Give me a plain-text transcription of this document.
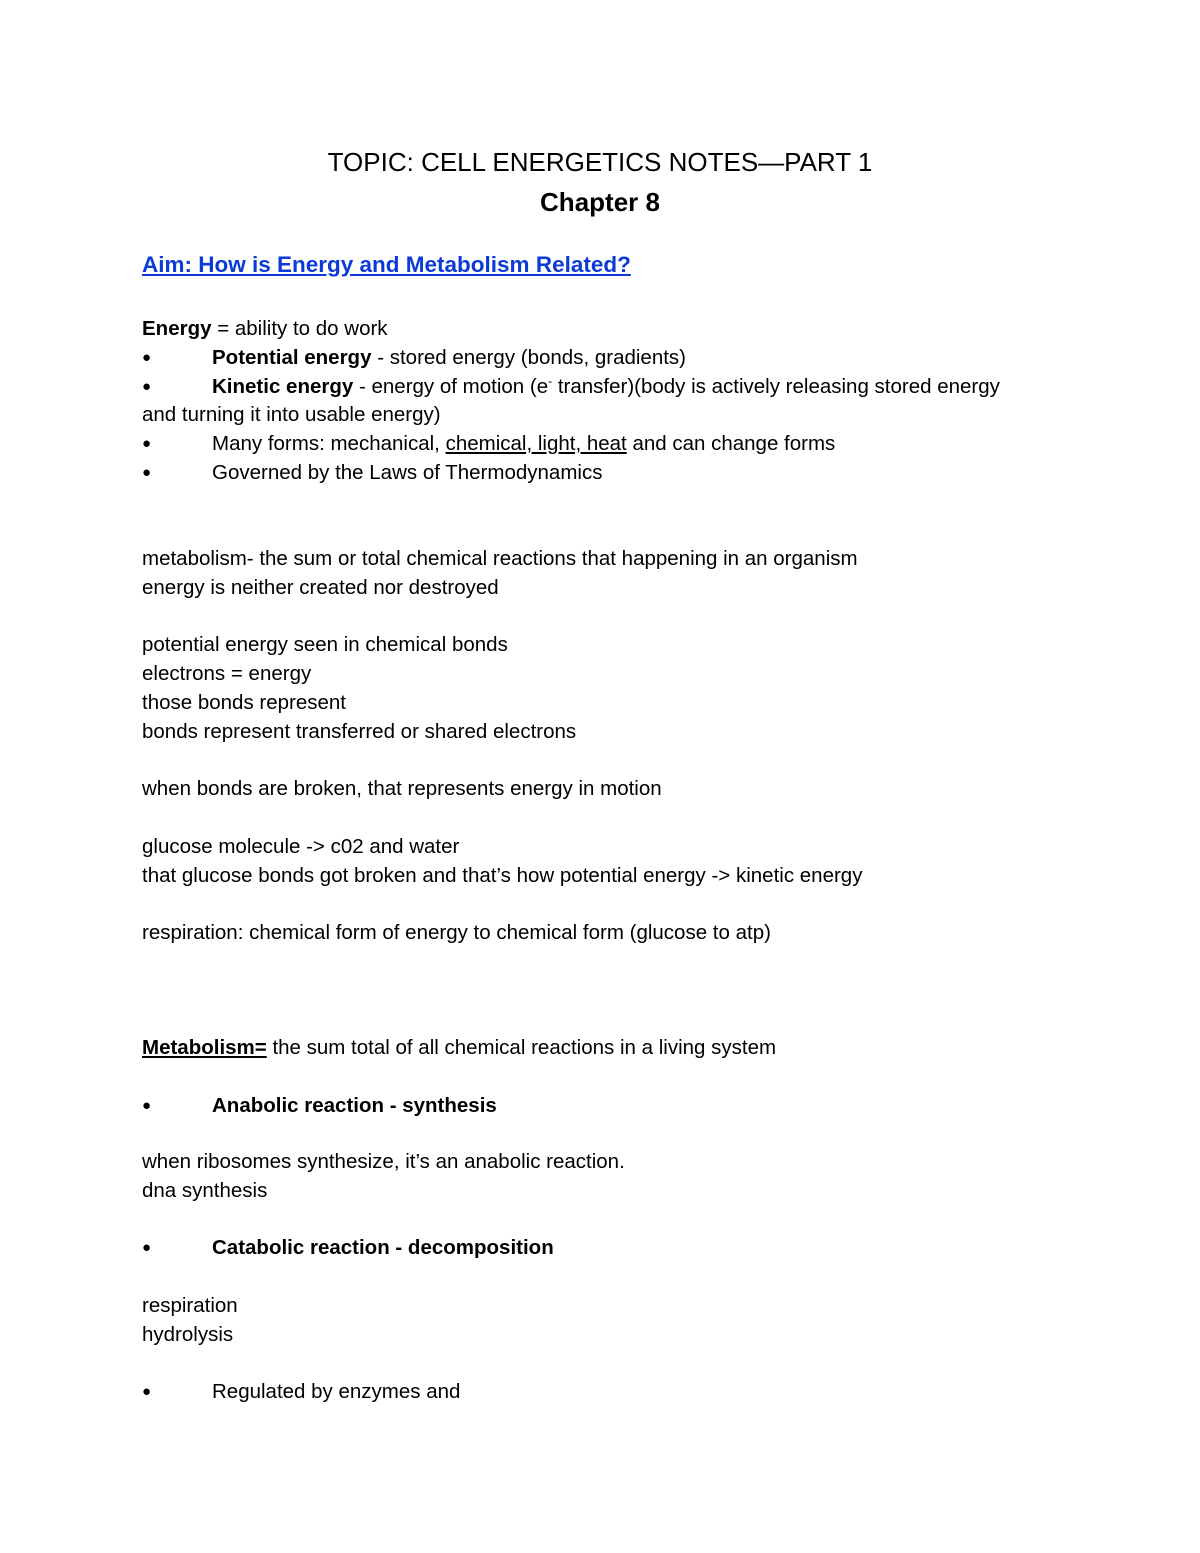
TOPIC: CELL ENERGETICS NOTES—PART 1
Chapter 8
Aim: How is Energy and Metabolism Related?
Energy = ability to do work
●	Potential energy - stored energy (bonds, gradients)
●	Kinetic energy - energy of motion (e- transfer)(body is actively releasing stored energy
and turning it into usable energy)
●	Many forms: mechanical, chemical, light, heat and can change forms
●	Governed by the Laws of Thermodynamics
metabolism- the sum or total chemical reactions that happening in an organism
energy is neither created nor destroyed
potential energy seen in chemical bonds
electrons = energy
those bonds represent
bonds represent transferred or shared electrons
when bonds are broken, that represents energy in motion
glucose molecule -> c02 and water
that glucose bonds got broken and that’s how potential energy -> kinetic energy
respiration: chemical form of energy to chemical form (glucose to atp)
Metabolism= the sum total of all chemical reactions in a living system
●	Anabolic reaction - synthesis
when ribosomes synthesize, it’s an anabolic reaction.
dna synthesis
●	Catabolic reaction - decomposition
respiration
hydrolysis
●	Regulated by enzymes and
